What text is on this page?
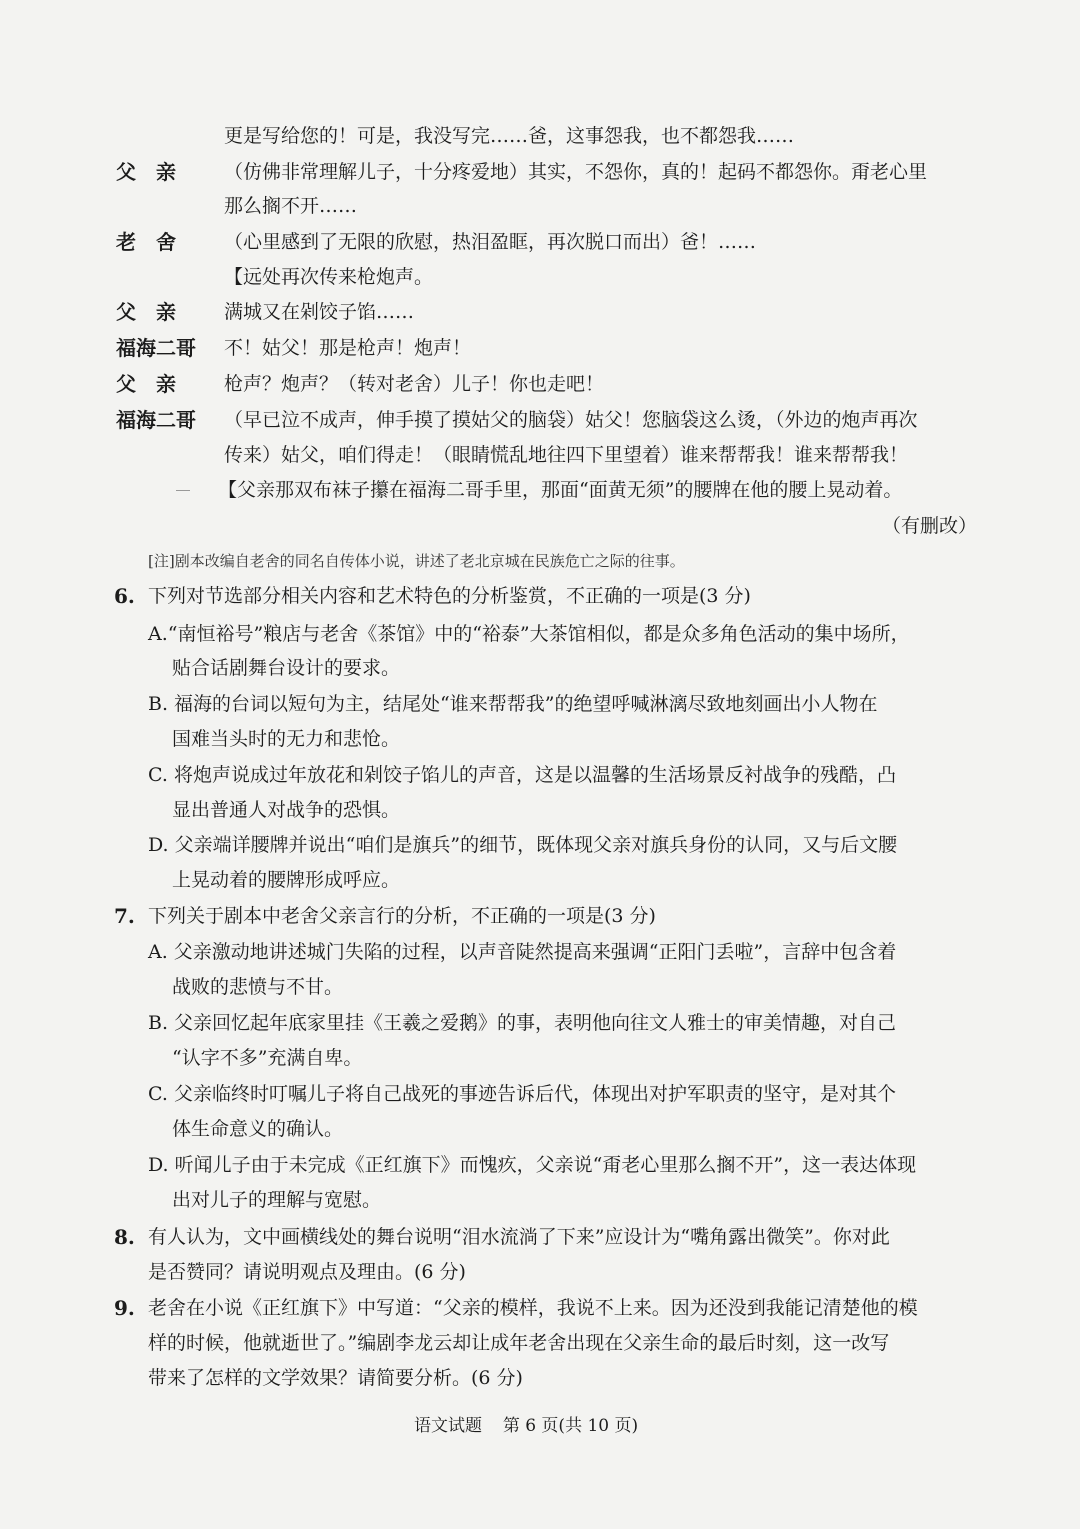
更是写给您的！可是，我没写完……爸，这事怨我，也不都怨我……
父　亲	（仿佛非常理解儿子，十分疼爱地）其实，不怨你，真的！起码不都怨你。甭老心里
那么搁不开……
老　舍	（心里感到了无限的欣慰，热泪盈眶，再次脱口而出）爸！……
【远处再次传来枪炮声。
父　亲	满城又在剁饺子馅……
福海二哥 不！姑父！那是枪声！炮声！
父　亲	枪声？炮声？（转对老舍）儿子！你也走吧！
福海二哥 （早已泣不成声，伸手摸了摸姑父的脑袋）姑父！您脑袋这么烫，（外边的炮声再次
传来）姑父，咱们得走！（眼睛慌乱地往四下里望着）谁来帮帮我！谁来帮帮我！
【父亲那双布袜子攥在福海二哥手里，那面“面黄无须”的腰牌在他的腰上晃动着。
（有删改）
[注]剧本改编自老舍的同名自传体小说，讲述了老北京城在民族危亡之际的往事。
6. 下列对节选部分相关内容和艺术特色的分析鉴赏，不正确的一项是(3 分)
A.“南恒裕号”粮店与老舍《茶馆》中的“裕泰”大茶馆相似，都是众多角色活动的集中场所，
贴合话剧舞台设计的要求。
B. 福海的台词以短句为主，结尾处“谁来帮帮我”的绝望呼喊淋漓尽致地刻画出小人物在
国难当头时的无力和悲怆。
C. 将炮声说成过年放花和剁饺子馅儿的声音，这是以温馨的生活场景反衬战争的残酷，凸
显出普通人对战争的恐惧。
D. 父亲端详腰牌并说出“咱们是旗兵”的细节，既体现父亲对旗兵身份的认同，又与后文腰
上晃动着的腰牌形成呼应。
7. 下列关于剧本中老舍父亲言行的分析，不正确的一项是(3 分)
A. 父亲激动地讲述城门失陷的过程，以声音陡然提高来强调“正阳门丢啦”，言辞中包含着
战败的悲愤与不甘。
B. 父亲回忆起年底家里挂《王羲之爱鹅》的事，表明他向往文人雅士的审美情趣，对自己
“认字不多”充满自卑。
C. 父亲临终时叮嘱儿子将自己战死的事迹告诉后代，体现出对护军职责的坚守，是对其个
体生命意义的确认。
D. 听闻儿子由于未完成《正红旗下》而愧疚，父亲说“甭老心里那么搁不开”，这一表达体现
出对儿子的理解与宽慰。
8. 有人认为，文中画横线处的舞台说明“泪水流淌了下来”应设计为“嘴角露出微笑”。你对此
是否赞同？请说明观点及理由。(6 分)
9. 老舍在小说《正红旗下》中写道：“父亲的模样，我说不上来。因为还没到我能记清楚他的模
样的时候，他就逝世了。”编剧李龙云却让成年老舍出现在父亲生命的最后时刻，这一改写
带来了怎样的文学效果？请简要分析。(6 分)
语文试题 第 6 页(共 10 页)
